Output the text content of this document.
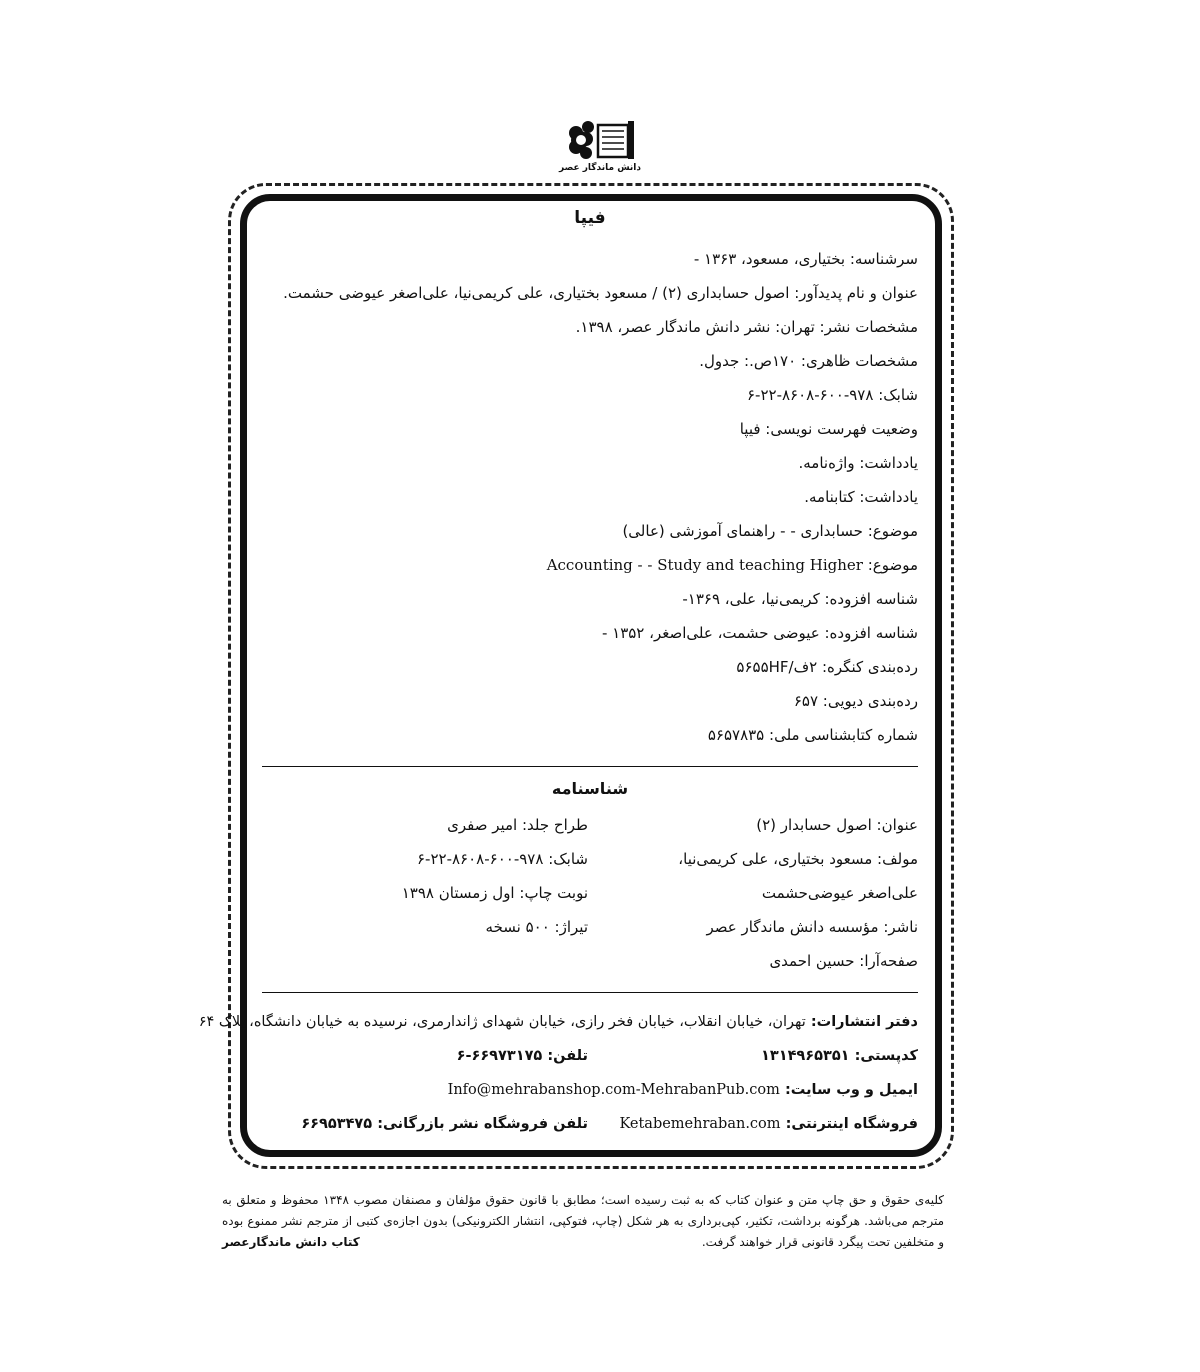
دانش ماندگار عصر
فیپا
سرشناسه: بختیاری، مسعود، ۱۳۶۳ -
عنوان و نام پدیدآور: اصول حسابداری (۲) / مسعود بختیاری، علی کریمی‌نیا، علی‌اصغر عیوضی حشمت.
مشخصات نشر: تهران: نشر دانش ماندگار عصر، ۱۳۹۸.
مشخصات ظاهری: ۱۷۰ص.: جدول.
شابک: ۹۷۸-۶۰۰-۸۶۰۸-۲۲-۶
وضعیت فهرست نویسی: فیپا
یادداشت: واژه‌نامه.
یادداشت: کتابنامه.
موضوع: حسابداری - - راهنمای آموزشی (عالی)
موضوع: Accounting - - Study and teaching Higher
شناسه افزوده: کریمی‌نیا، علی، ۱۳۶۹-
شناسه افزوده: عیوضی حشمت، علی‌اصغر، ۱۳۵۲ -
رده‌بندی کنگره: ۲ف/۵۶۵۵HF
رده‌بندی دیویی: ۶۵۷
شماره کتابشناسی ملی: ۵۶۵۷۸۳۵
شناسنامه
عنوان: اصول حسابدار (۲)
مولف: مسعود بختیاری، علی کریمی‌نیا،
علی‌اصغر عیوضی‌حشمت
ناشر: مؤسسه دانش ماندگار عصر
صفحه‌آرا: حسین احمدی
طراح جلد: امیر صفری
شابک: ۹۷۸-۶۰۰-۸۶۰۸-۲۲-۶
نوبت چاپ: اول زمستان ۱۳۹۸
تیراژ: ۵۰۰ نسخه
دفتر انتشارات: تهران، خیابان انقلاب، خیابان فخر رازی، خیابان شهدای ژاندارمری، نرسیده به خیابان دانشگاه، پلاک ۶۴
کدپستی: ۱۳۱۴۹۶۵۳۵۱
تلفن: ۶۶۹۷۳۱۷۵-۶
ایمیل و وب سایت: Info@mehrabanshop.com-MehrabanPub.com
فروشگاه اینترنتی: Ketabemehraban.com
تلفن فروشگاه نشر بازرگانی: ۶۶۹۵۳۴۷۵
کلیه‌ی حقوق و حق چاپ متن و عنوان کتاب که به ثبت رسیده است؛ مطابق با قانون حقوق مؤلفان و مصنفان مصوب ۱۳۴۸ محفوظ و متعلق به مترجم می‌باشد. هرگونه برداشت، تکثیر، کپی‌برداری به هر شکل (چاپ، فتوکپی، انتشار الکترونیکی) بدون اجازه‌ی کتبی از مترجم نشر ممنوع بوده و متخلفین تحت پیگرد قانونی قرار خواهند گرفت.
کتاب دانش ماندگارعصر
